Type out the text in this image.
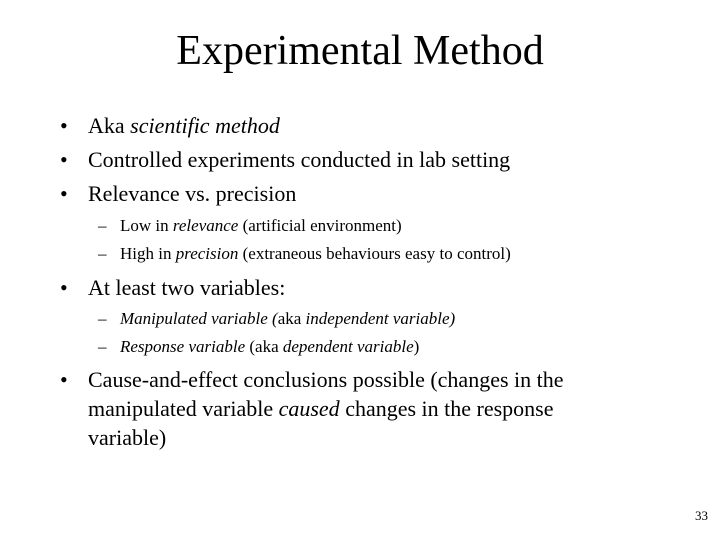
Experimental Method
• Aka scientific method
• Controlled experiments conducted in lab setting
• Relevance vs. precision
– Low in relevance (artificial environment)
– High in precision (extraneous behaviours easy to control)
• At least two variables:
– Manipulated variable (aka independent variable)
– Response variable (aka dependent variable)
• Cause-and-effect conclusions possible (changes in the
manipulated variable caused changes in the response
variable)
33
